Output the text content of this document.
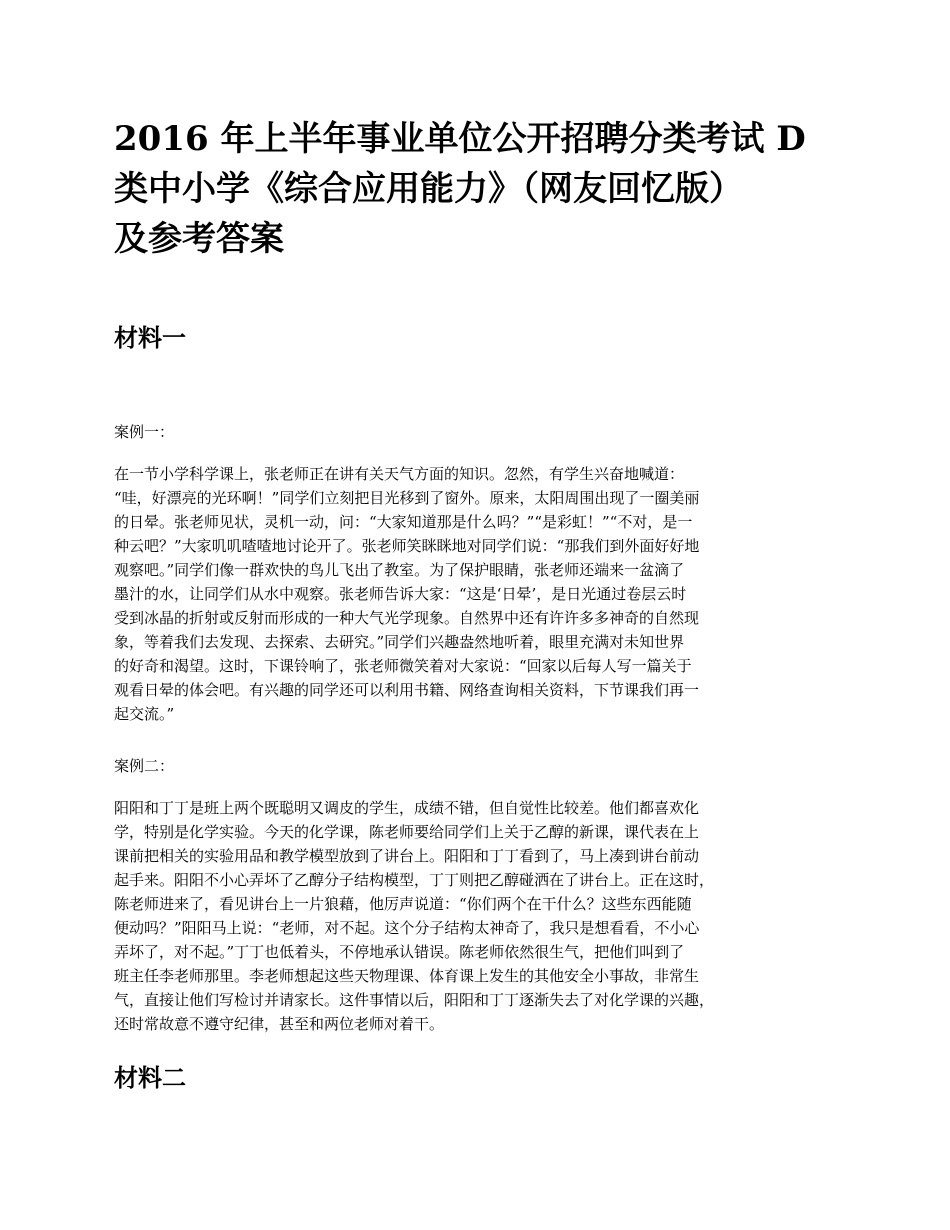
2016 年上半年事业单位公开招聘分类考试 D
类中小学《综合应用能力》（网友回忆版）
及参考答案
材料一

案例一：

在一节小学科学课上，张老师正在讲有关天气方面的知识。忽然，有学生兴奋地喊道：
“哇，好漂亮的光环啊！”同学们立刻把目光移到了窗外。原来，太阳周围出现了一圈美丽
的日晕。张老师见状，灵机一动，问：“大家知道那是什么吗？”“是彩虹！”“不对，是一
种云吧？”大家叽叽喳喳地讨论开了。张老师笑眯眯地对同学们说：“那我们到外面好好地
观察吧。”同学们像一群欢快的鸟儿飞出了教室。为了保护眼睛，张老师还端来一盆滴了
墨汁的水，让同学们从水中观察。张老师告诉大家：“这是‘日晕’，是日光通过卷层云时
受到冰晶的折射或反射而形成的一种大气光学现象。自然界中还有许许多多神奇的自然现
象，等着我们去发现、去探索、去研究。”同学们兴趣盎然地听着，眼里充满对未知世界
的好奇和渴望。这时，下课铃响了，张老师微笑着对大家说：“回家以后每人写一篇关于
观看日晕的体会吧。有兴趣的同学还可以利用书籍、网络查询相关资料，下节课我们再一
起交流。”

案例二：

阳阳和丁丁是班上两个既聪明又调皮的学生，成绩不错，但自觉性比较差。他们都喜欢化
学，特别是化学实验。今天的化学课，陈老师要给同学们上关于乙醇的新课，课代表在上
课前把相关的实验用品和教学模型放到了讲台上。阳阳和丁丁看到了，马上凑到讲台前动
起手来。阳阳不小心弄坏了乙醇分子结构模型，丁丁则把乙醇碰洒在了讲台上。正在这时，
陈老师进来了，看见讲台上一片狼藉，他厉声说道：“你们两个在干什么？这些东西能随
便动吗？”阳阳马上说：“老师，对不起。这个分子结构太神奇了，我只是想看看，不小心
弄坏了，对不起。”丁丁也低着头，不停地承认错误。陈老师依然很生气，把他们叫到了
班主任李老师那里。李老师想起这些天物理课、体育课上发生的其他安全小事故，非常生
气，直接让他们写检讨并请家长。这件事情以后，阳阳和丁丁逐渐失去了对化学课的兴趣，
还时常故意不遵守纪律，甚至和两位老师对着干。
材料二
